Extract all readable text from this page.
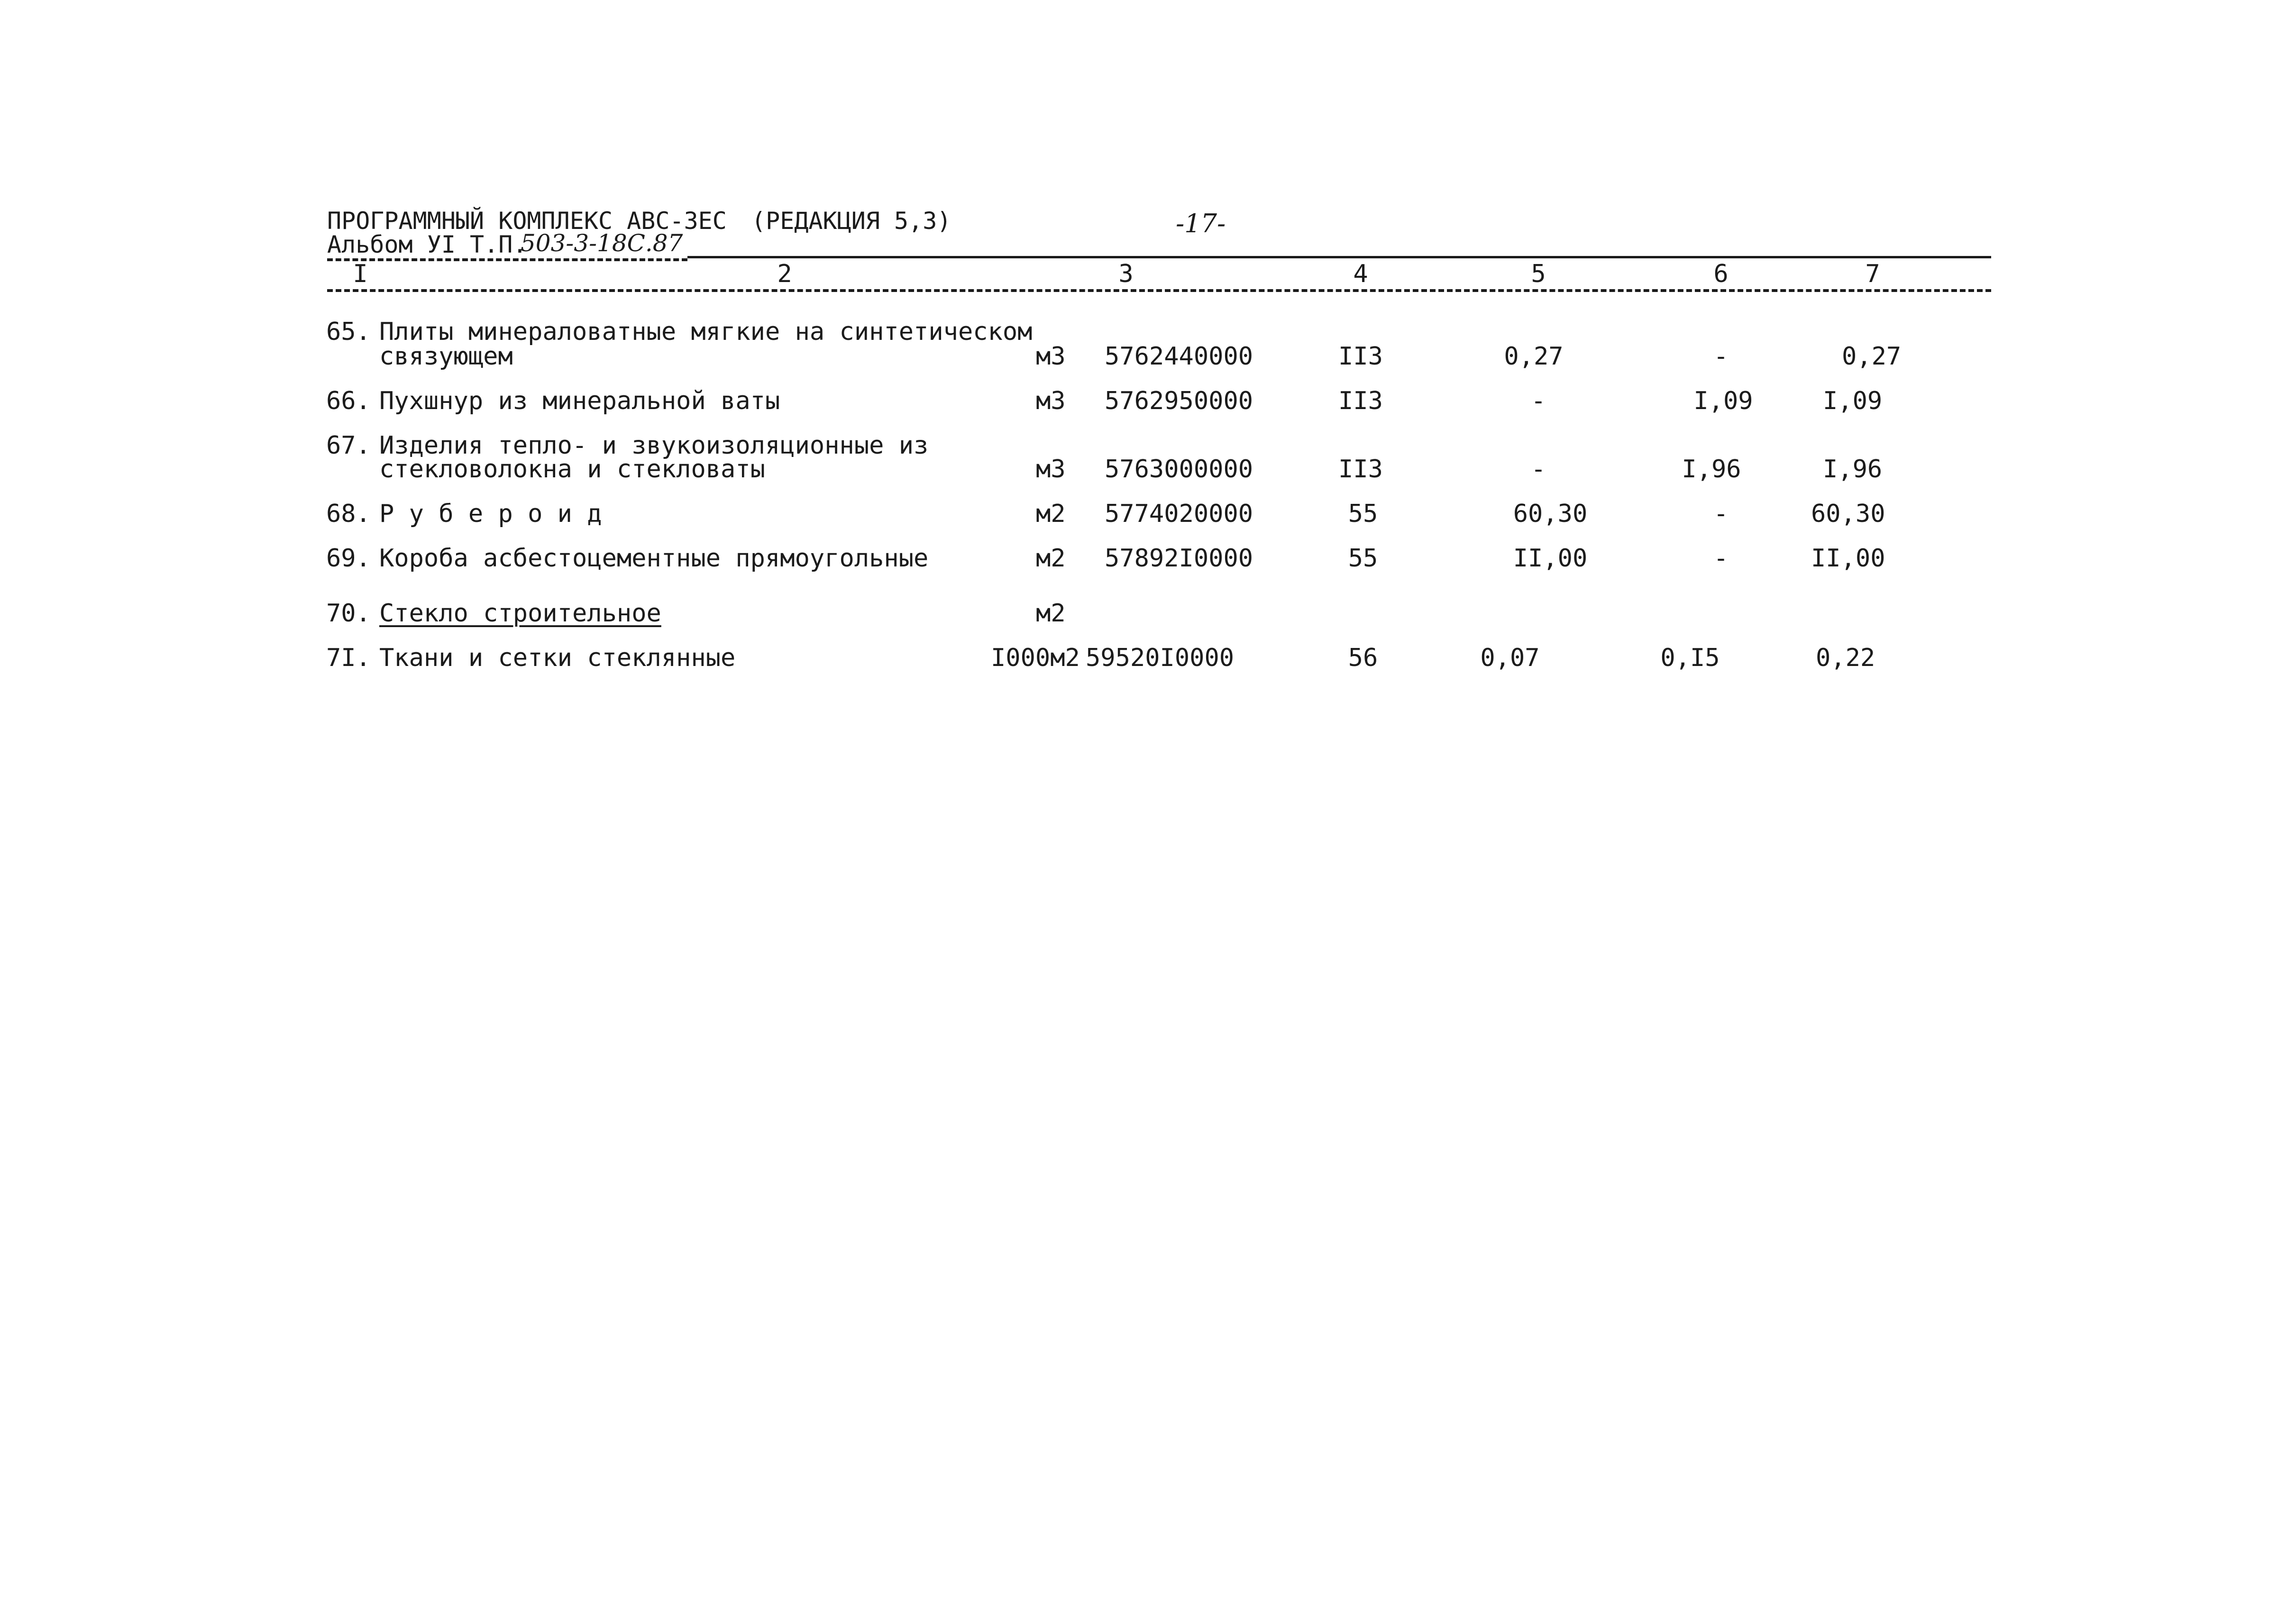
ПРОГРАММНЫЙ КОМПЛЕКС АВС-ЗЕС (РЕДАКЦИЯ 5,3)	-17-
Альбом УI Т.П.
503-3-18С.87
I	2	3	4	5	6	7
65. Плиты минераловатные мягкие на синтетическом
связующем	м3 5762440000	II3	0,27	-	0,27
66. Пухшнур из минеральной ваты	м3 5762950000	II3	-	I,09	I,09
67. Изделия тепло- и звукоизоляционные из
стекловолокна и стекловаты	м3 5763000000	II3	-	I,96	I,96
68. Р у б е р о и д	м2 5774020000	55	60,30	-	60,30
69. Короба асбестоцементные прямоугольные	м2 57892I0000	55	II,00	-	II,00
70. Стекло строительное	м2
7I. Ткани и сетки стеклянные	I000м2 59520I0000	56	0,07	0,I5	0,22
